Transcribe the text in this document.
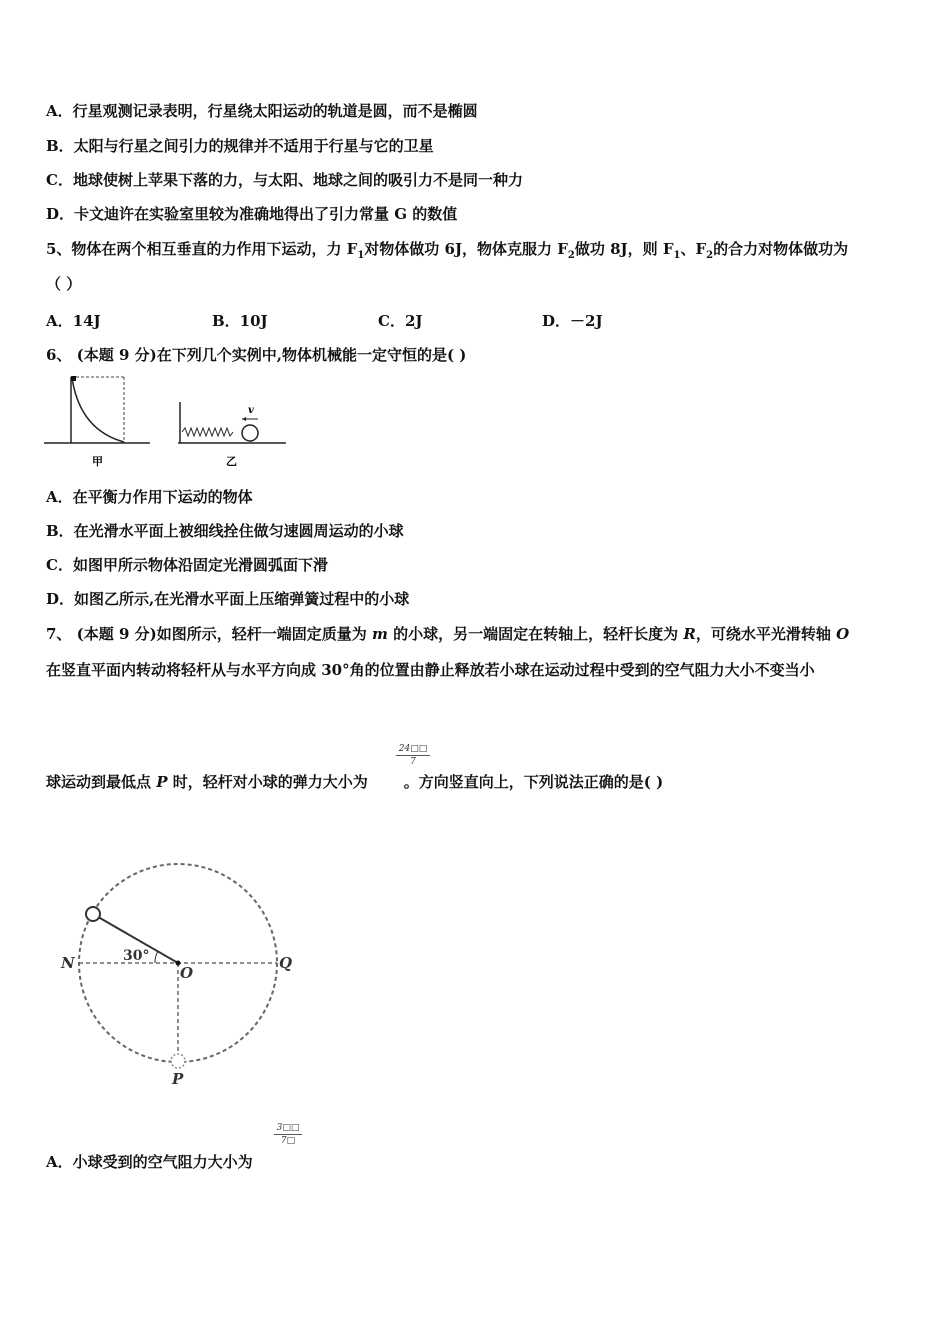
A．行星观测记录表明，行星绕太阳运动的轨道是圆，而不是椭圆
B．太阳与行星之间引力的规律并不适用于行星与它的卫星
C．地球使树上苹果下落的力，与太阳、地球之间的吸引力不是同一种力
D．卡文迪许在实验室里较为准确地得出了引力常量 G 的数值
5、物体在两个相互垂直的力作用下运动，力 $F_1$对物体做功 6J，物体克服力 $F_2$做功 8J，则 $F_1$、$F_2$的合力对物体做功为
（ ）
A．14J	B．10J	C．2J	D．－2J
6、 (本题 9 分)在下列几个实例中,物体机械能一定守恒的是( )
甲
v
乙
A．在平衡力作用下运动的物体
B．在光滑水平面上被细线拴住做匀速圆周运动的小球
C．如图甲所示物体沿固定光滑圆弧面下滑
D．如图乙所示,在光滑水平面上压缩弹簧过程中的小球
7、 (本题 9 分)如图所示，轻杆一端固定质量为 m 的小球，另一端固定在转轴上，轻杆长度为 R，可绕水平光滑转轴 O
在竖直平面内转动将轻杆从与水平方向成 30°角的位置由静止释放若小球在运动过程中受到的空气阻力大小不变当小
24□□
7
球运动到最低点 P 时，轻杆对小球的弹力大小为 。方向竖直向上，下列说法正确的是( )
N
O
Q
P
30°
3□□
7□
A．小球受到的空气阻力大小为
